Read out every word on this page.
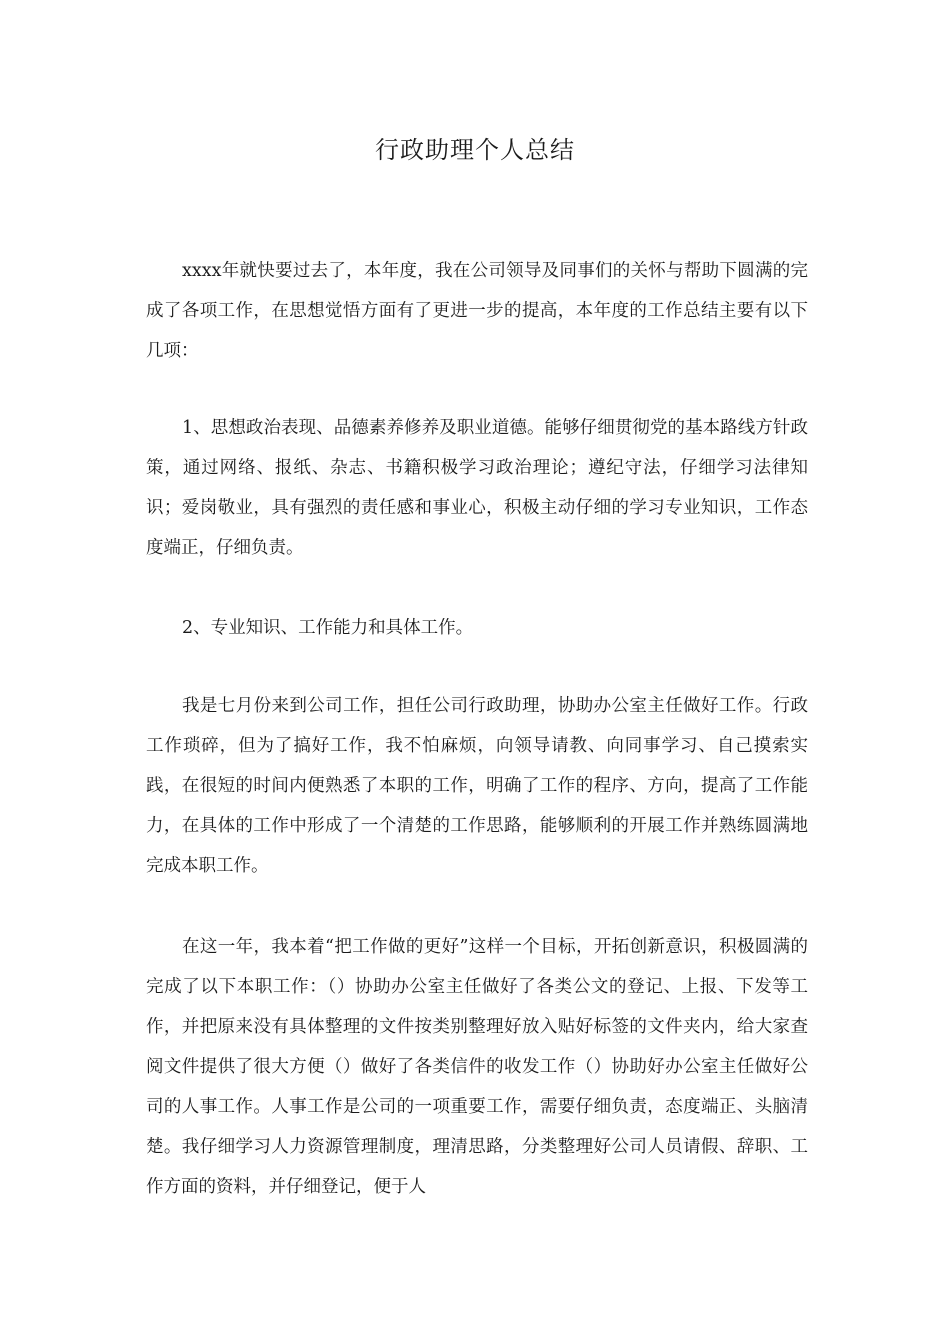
行政助理个人总结

xxxx年就快要过去了，本年度，我在公司领导及同事们的关怀与帮助下圆满的完成了各项工作，在思想觉悟方面有了更进一步的提高，本年度的工作总结主要有以下几项：

1、思想政治表现、品德素养修养及职业道德。能够仔细贯彻党的基本路线方针政策，通过网络、报纸、杂志、书籍积极学习政治理论；遵纪守法，仔细学习法律知识；爱岗敬业，具有强烈的责任感和事业心，积极主动仔细的学习专业知识，工作态度端正，仔细负责。

2、专业知识、工作能力和具体工作。

我是七月份来到公司工作，担任公司行政助理，协助办公室主任做好工作。行政工作琐碎，但为了搞好工作，我不怕麻烦，向领导请教、向同事学习、自己摸索实践，在很短的时间内便熟悉了本职的工作，明确了工作的程序、方向，提高了工作能力，在具体的工作中形成了一个清楚的工作思路，能够顺利的开展工作并熟练圆满地完成本职工作。

在这一年，我本着“把工作做的更好”这样一个目标，开拓创新意识，积极圆满的完成了以下本职工作：（）协助办公室主任做好了各类公文的登记、上报、下发等工作，并把原来没有具体整理的文件按类别整理好放入贴好标签的文件夹内，给大家查阅文件提供了很大方便（）做好了各类信件的收发工作（）协助好办公室主任做好公司的人事工作。人事工作是公司的一项重要工作，需要仔细负责，态度端正、头脑清楚。我仔细学习人力资源管理制度，理清思路，分类整理好公司人员请假、辞职、工作方面的资料，并仔细登记，便于人
